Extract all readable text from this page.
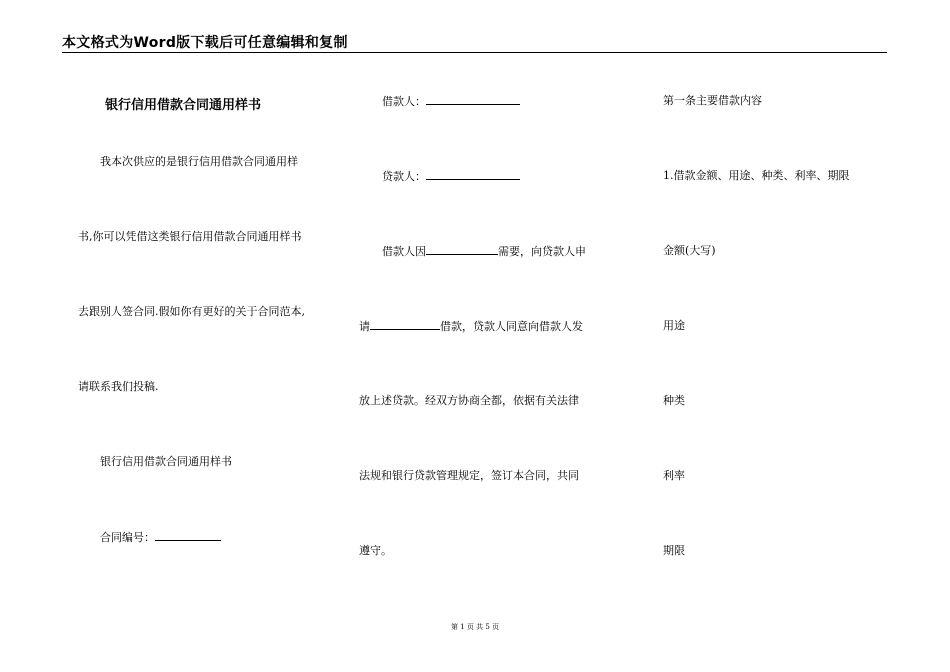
本文格式为Word版下载后可任意编辑和复制
银行信用借款合同通用样书
我本次供应的是银行信用借款合同通用样
书,你可以凭借这类银行信用借款合同通用样书
去跟别人签合同.假如你有更好的关于合同范本,
请联系我们投稿.
银行信用借款合同通用样书
合同编号：
借款人：
贷款人：
借款人因	需要，向贷款人申
请	借款，贷款人同意向借款人发
放上述贷款。经双方协商全都，依据有关法律
法规和银行贷款管理规定，签订本合同，共同
遵守。
第一条主要借款内容
1.借款金额、用途、种类、利率、期限
金额(大写)
用途
种类
利率
期限
第 1 页 共 5 页
